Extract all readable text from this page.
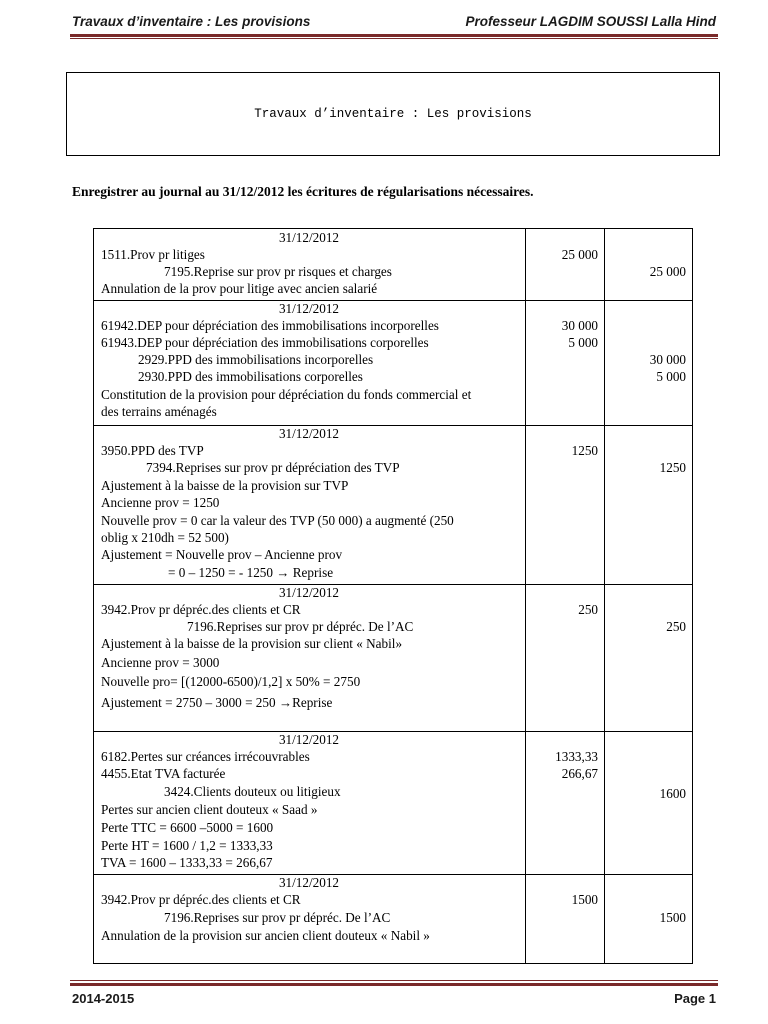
Travaux d’inventaire : Les provisions	Professeur LAGDIM SOUSSI Lalla Hind
Travaux d’inventaire : Les provisions
Enregistrer au journal au 31/12/2012 les écritures de régularisations nécessaires.
31/12/2012
1511.Prov pr litiges
7195.Reprise sur prov pr risques et charges
Annulation de la prov pour litige avec ancien salarié
25 000
25 000
31/12/2012
61942.DEP pour dépréciation des immobilisations incorporelles
61943.DEP pour dépréciation des immobilisations corporelles
2929.PPD des immobilisations incorporelles
2930.PPD des immobilisations corporelles
Constitution de la provision pour dépréciation du fonds commercial et
des terrains aménagés
30 000
5 000
30 000
5 000
31/12/2012
3950.PPD des TVP
7394.Reprises sur prov pr dépréciation des TVP
Ajustement à la baisse de la provision sur TVP
Ancienne prov = 1250
Nouvelle prov = 0 car la valeur des TVP (50 000) a augmenté (250
oblig x 210dh = 52 500)
Ajustement = Nouvelle prov – Ancienne prov
= 0 – 1250 = - 1250 → Reprise
1250
1250
31/12/2012
3942.Prov pr dépréc.des clients et CR
7196.Reprises sur prov pr dépréc. De l’AC
Ajustement à la baisse de la provision sur client « Nabil»
Ancienne prov = 3000
Nouvelle pro= [(12000-6500)/1,2] x 50% = 2750
Ajustement = 2750 – 3000 = 250 →Reprise
250
250
31/12/2012
6182.Pertes sur créances irrécouvrables
4455.Etat TVA facturée
3424.Clients douteux ou litigieux
Pertes sur ancien client douteux « Saad »
Perte TTC = 6600 –5000 = 1600
Perte HT = 1600 / 1,2 = 1333,33
TVA = 1600 – 1333,33 = 266,67
1333,33
266,67
1600
31/12/2012
3942.Prov pr dépréc.des clients et CR
7196.Reprises sur prov pr dépréc. De l’AC
Annulation de la provision sur ancien client douteux « Nabil »
1500
1500
2014-2015	Page 1
